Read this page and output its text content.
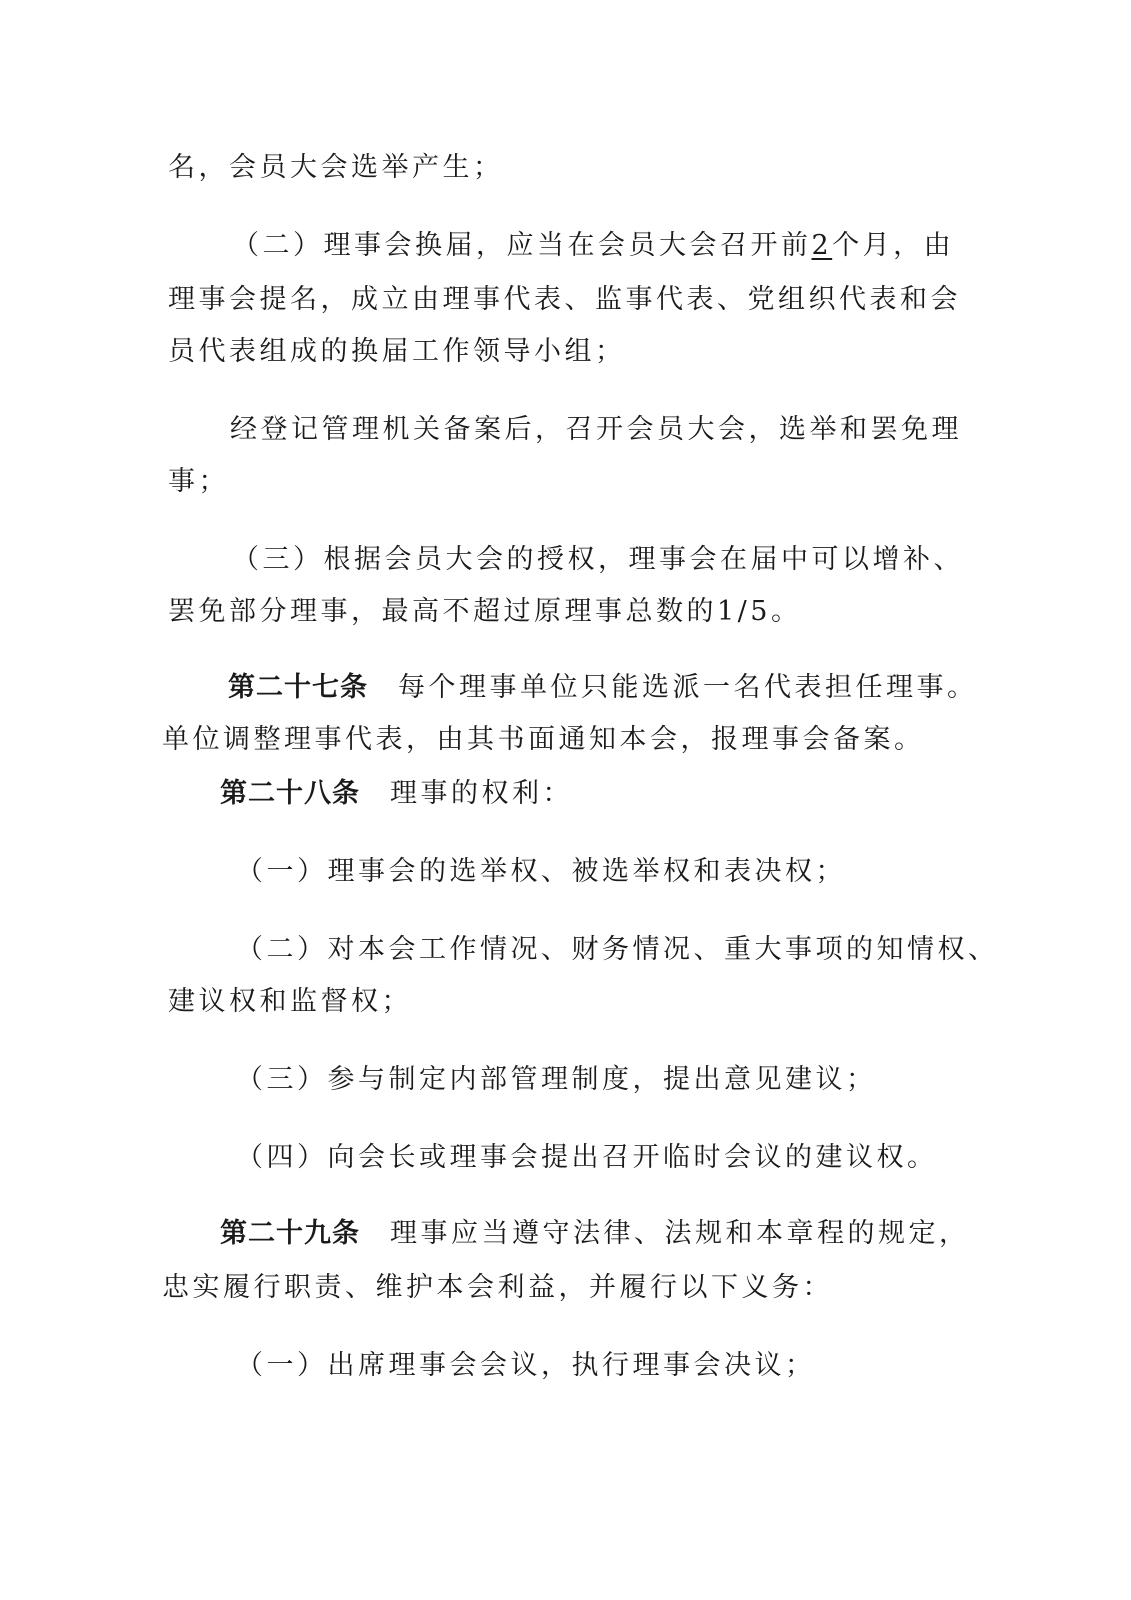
名，会员大会选举产生；
（二）理事会换届，应当在会员大会召开前2个月，由
理事会提名，成立由理事代表、监事代表、党组织代表和会
员代表组成的换届工作领导小组；
经登记管理机关备案后，召开会员大会，选举和罢免理
事；
（三）根据会员大会的授权，理事会在届中可以增补、
罢免部分理事，最高不超过原理事总数的1/5。
第二十七条 每个理事单位只能选派一名代表担任理事。
单位调整理事代表，由其书面通知本会，报理事会备案。
第二十八条 理事的权利：
（一）理事会的选举权、被选举权和表决权；
（二）对本会工作情况、财务情况、重大事项的知情权、
建议权和监督权；
（三）参与制定内部管理制度，提出意见建议；
（四）向会长或理事会提出召开临时会议的建议权。
第二十九条 理事应当遵守法律、法规和本章程的规定，
忠实履行职责、维护本会利益，并履行以下义务：
（一）出席理事会会议，执行理事会决议；
